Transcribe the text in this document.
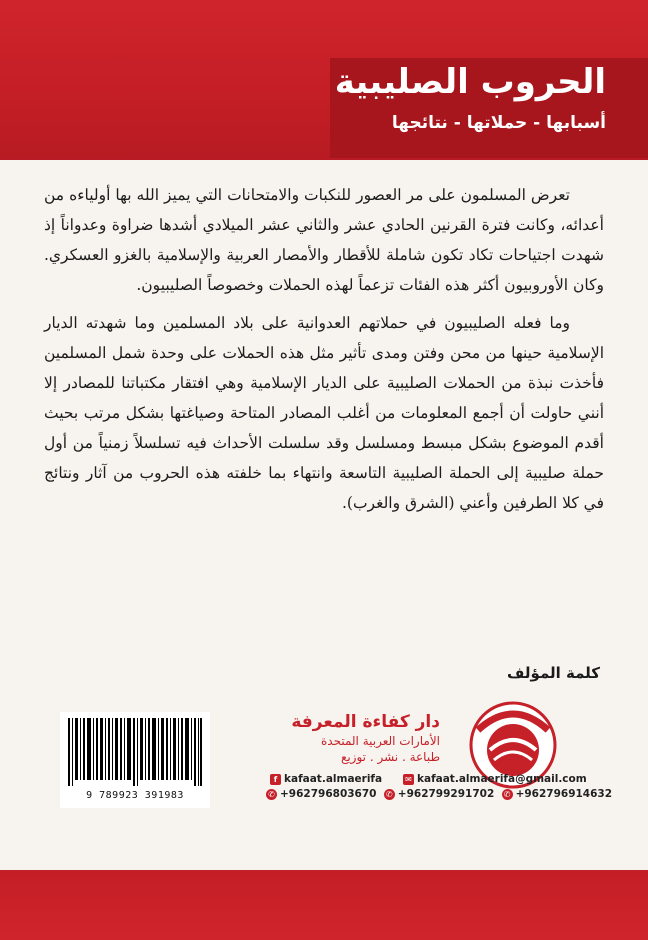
الحروب الصليبية
أسبابها - حملاتها - نتائجها

تعرض المسلمون على مر العصور للنكبات والامتحانات التي يميز الله بها أولياءه من أعدائه، وكانت فترة القرنين الحادي عشر والثاني عشر الميلادي أشدها ضراوة وعدواناً إذ شهدت اجتياحات تكاد تكون شاملة للأقطار والأمصار العربية والإسلامية بالغزو العسكري. وكان الأوروبيون أكثر هذه الفئات تزعماً لهذه الحملات وخصوصاً الصليبيون.

وما فعله الصليبيون في حملاتهم العدوانية على بلاد المسلمين وما شهدته الديار الإسلامية حينها من محن وفتن ومدى تأثير مثل هذه الحملات على وحدة شمل المسلمين فأخذت نبذة من الحملات الصليبية على الديار الإسلامية وهي افتقار مكتباتنا للمصادر إلا أنني حاولت أن أجمع المعلومات من أغلب المصادر المتاحة وصياغتها بشكل مرتب بحيث أقدم الموضوع بشكل مبسط ومسلسل وقد سلسلت الأحداث فيه تسلسلاً زمنياً من أول حملة صليبية إلى الحملة الصليبية التاسعة وانتهاء بما خلفته هذه الحروب من آثار ونتائج في كلا الطرفين وأعني (الشرق والغرب).

كلمة المؤلف
9 789923 391983
دار كفاءة المعرفة
الأمارات العربية المتحدة
طباعة . نشر . توزيع
f kafaat.almaerifa	✉ kafaat.almaerifa@gmail.com
✆ +962796803670 ✆ +962799291702 ✆ +962796914632
